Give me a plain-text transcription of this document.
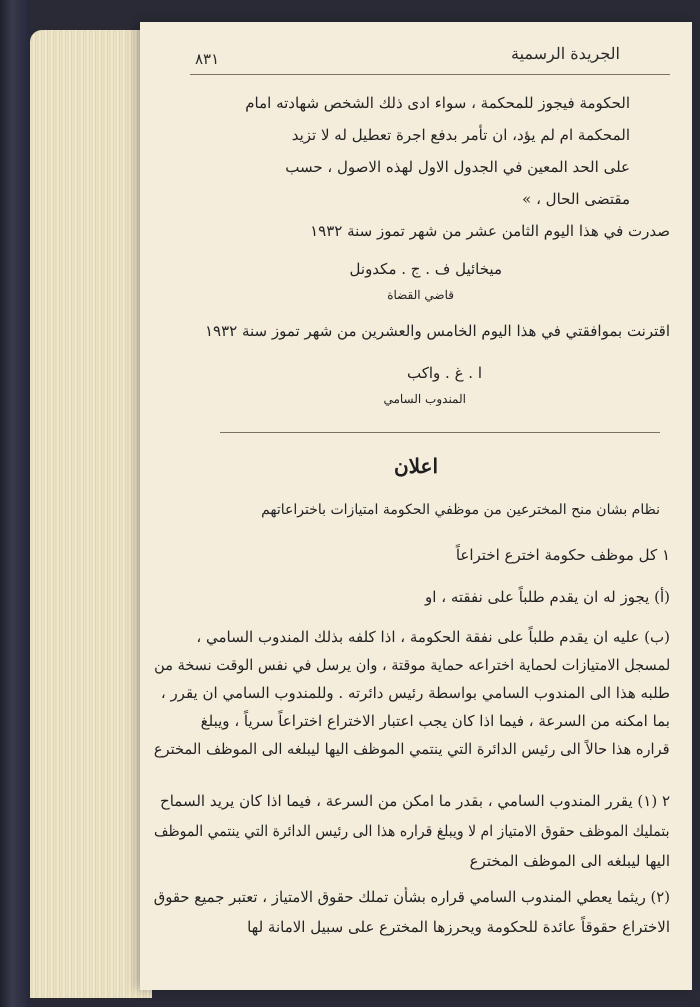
٨٣١	الجريدة الرسمية
الحكومة فيجوز للمحكمة ، سواء ادى ذلك الشخص شهادته امام
المحكمة ام لم يؤد، ان تأمر بدفع اجرة تعطيل له لا تزيد
على الحد المعين في الجدول الاول لهذه الاصول ، حسب
مقتضى الحال ، »
صدرت في هذا اليوم الثامن عشر من شهر تموز سنة ١٩٣٢
ميخائيل ف . ج . مكدونل
قاضي القضاة
اقترنت بموافقتي في هذا اليوم الخامس والعشرين من شهر تموز سنة ١٩٣٢
ا . غ . واكب
المندوب السامي
اعلان
نظام بشان منح المخترعين من موظفي الحكومة امتيازات باختراعاتهم
١ كل موظف حكومة اخترع اختراعاً
(أ) يجوز له ان يقدم طلباً على نفقته ، او
(ب) عليه ان يقدم طلباً على نفقة الحكومة ، اذا كلفه بذلك المندوب السامي ،
لمسجل الامتيازات لحماية اختراعه حماية موقتة ، وان يرسل في نفس الوقت نسخة من
طلبه هذا الى المندوب السامي بواسطة رئيس دائرته . وللمندوب السامي ان يقرر ،
بما امكنه من السرعة ، فيما اذا كان يجب اعتبار الاختراع اختراعاً سرياً ، ويبلغ
قراره هذا حالاً الى رئيس الدائرة التي ينتمي الموظف اليها ليبلغه الى الموظف المخترع
٢ (١) يقرر المندوب السامي ، بقدر ما امكن من السرعة ، فيما اذا كان يريد السماح
بتمليك الموظف حقوق الامتياز ام لا ويبلغ قراره هذا الى رئيس الدائرة التي ينتمي الموظف
اليها ليبلغه الى الموظف المخترع
(٢) ريثما يعطي المندوب السامي قراره بشأن تملك حقوق الامتياز ، تعتبر جميع حقوق
الاختراع حقوقاً عائدة للحكومة ويحرزها المخترع على سبيل الامانة لها
